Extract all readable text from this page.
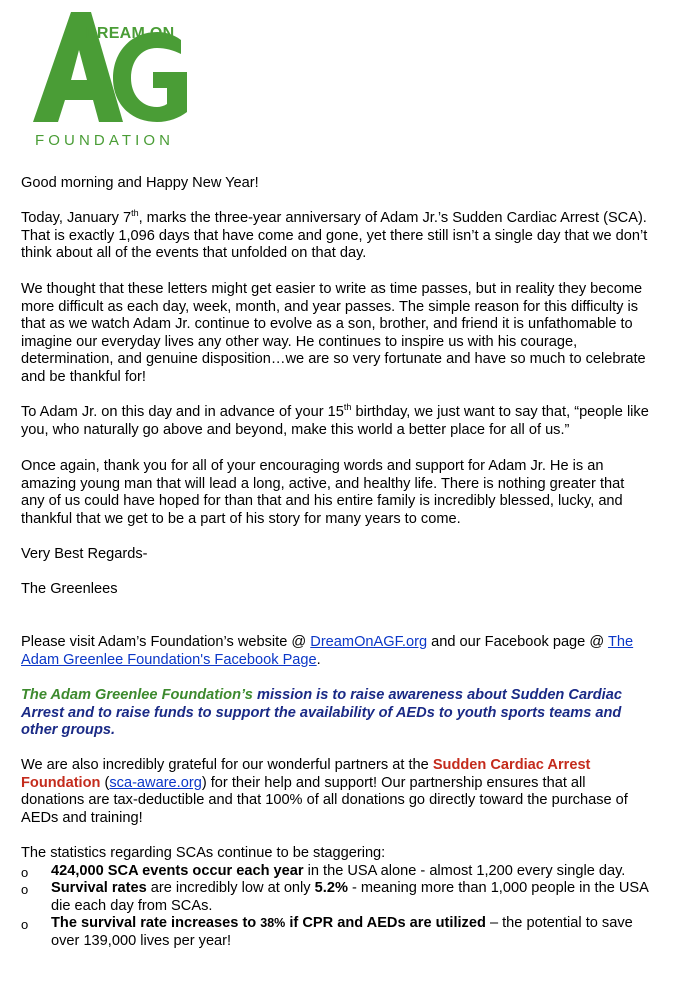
DREAM ON
FOUNDATION

Good morning and Happy New Year!

Today, January 7th, marks the three-year anniversary of Adam Jr.’s Sudden Cardiac Arrest (SCA). That is exactly 1,096 days that have come and gone, yet there still isn’t a single day that we don’t think about all of the events that unfolded on that day.

We thought that these letters might get easier to write as time passes, but in reality they become more difficult as each day, week, month, and year passes. The simple reason for this difficulty is that as we watch Adam Jr. continue to evolve as a son, brother, and friend it is unfathomable to imagine our everyday lives any other way. He continues to inspire us with his courage, determination, and genuine disposition…we are so very fortunate and have so much to celebrate and be thankful for!

To Adam Jr. on this day and in advance of your 15th birthday, we just want to say that, “people like you, who naturally go above and beyond, make this world a better place for all of us.”

Once again, thank you for all of your encouraging words and support for Adam Jr. He is an amazing young man that will lead a long, active, and healthy life. There is nothing greater that any of us could have hoped for than that and his entire family is incredibly blessed, lucky, and thankful that we get to be a part of his story for many years to come.

Very Best Regards-

The Greenlees

Please visit Adam’s Foundation’s website @ DreamOnAGF.org and our Facebook page @ The Adam Greenlee Foundation's Facebook Page.

The Adam Greenlee Foundation’s mission is to raise awareness about Sudden Cardiac Arrest and to raise funds to support the availability of AEDs to youth sports teams and other groups.

We are also incredibly grateful for our wonderful partners at the Sudden Cardiac Arrest Foundation (sca-aware.org) for their help and support! Our partnership ensures that all donations are tax-deductible and that 100% of all donations go directly toward the purchase of AEDs and training!

The statistics regarding SCAs continue to be staggering:

o 424,000 SCA events occur each year in the USA alone - almost 1,200 every single day.
o Survival rates are incredibly low at only 5.2% - meaning more than 1,000 people in the USA die each day from SCAs.
o The survival rate increases to 38% if CPR and AEDs are utilized – the potential to save over 139,000 lives per year!
